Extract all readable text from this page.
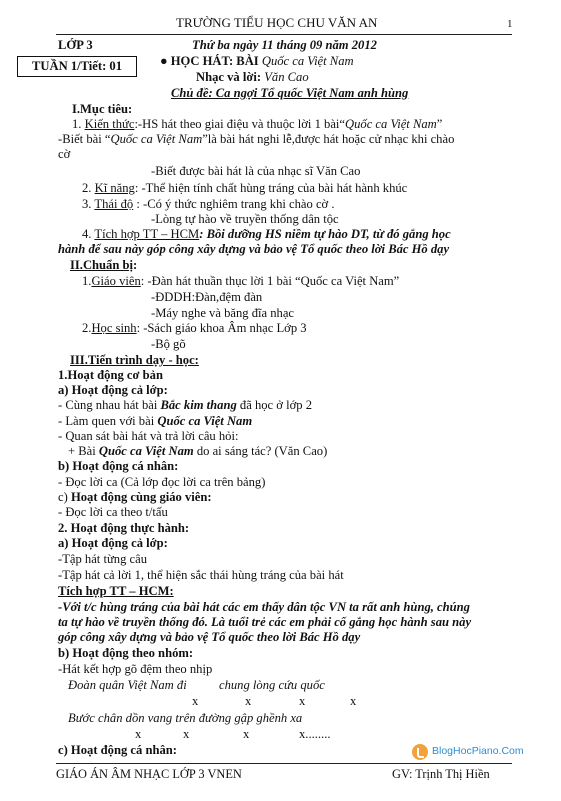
TRƯỜNG TIỂU HỌC CHU VĂN AN	1
LỚP 3	Thứ ba ngày 11 tháng 09 năm 2012
TUẦN 1/Tiết: 01	● HỌC HÁT: BÀI Quốc ca Việt Nam
Nhạc và lời: Văn Cao
Chủ đề: Ca ngợi Tổ quốc Việt Nam anh hùng
I.Mục tiêu:
1. Kiến thức:-HS hát theo giai điệu và thuộc lời 1 bài“Quốc ca Việt Nam”
-Biết bài “Quốc ca Việt Nam”là bài hát nghi lễ,được hát hoặc cử nhạc khi chào
cờ
-Biết được bài hát là của nhạc sĩ Văn Cao
2. Kĩ năng: -Thể hiện tính chất hùng tráng của bài hát hành khúc
3. Thái độ : -Có ý thức nghiêm trang khi chào cờ .
-Lòng tự hào về truyền thống dân tộc
4. Tích hợp TT – HCM: Bồi dưỡng HS niềm tự hào DT, từ đó gắng học
hành để sau này góp công xây dựng và bảo vệ Tổ quốc theo lời Bác Hồ dạy
II.Chuẩn bị:
1.Giáo viên: -Đàn hát thuần thục lời 1 bài “Quốc ca Việt Nam”
-ĐDDH:Đàn,đệm đàn
-Máy nghe và băng đĩa nhạc
2.Học sinh: -Sách giáo khoa Âm nhạc Lớp 3
-Bộ gõ
III.Tiến trình dạy - học:
1.Hoạt động cơ bản
a) Hoạt động cả lớp:
- Cùng nhau hát bài Bắc kim thang đã học ở lớp 2
- Làm quen với bài Quốc ca Việt Nam
- Quan sát bài hát và trả lời câu hỏi:
+ Bài Quốc ca Việt Nam do ai sáng tác? (Văn Cao)
b) Hoạt động cá nhân:
- Đọc lời ca (Cả lớp đọc lời ca trên bảng)
c) Hoạt động cùng giáo viên:
- Đọc lời ca theo t/tấu
2. Hoạt động thực hành:
a) Hoạt động cả lớp:
-Tập hát từng câu
-Tập hát cả lời 1, thể hiện sắc thái hùng tráng của bài hát
Tích hợp TT – HCM:
-Với t/c hùng tráng của bài hát các em thấy dân tộc VN ta rất anh hùng, chúng
ta tự hào về truyền thống đó. Là tuổi trẻ các em phải cố gắng học hành sau này
góp công xây dựng và bảo vệ Tổ quốc theo lời Bác Hồ dạy
b) Hoạt động theo nhóm:
-Hát kết hợp gõ đệm theo nhịp
Đoàn quân Việt Nam đi	chung lòng cứu quốc
x	x	x	x
Bước chân dồn vang trên đường gập ghềnh xa
x	x	x	x........
c) Hoạt động cá nhân:	BlogHocPiano.Com
GIÁO ÁN ÂM NHẠC LỚP 3 VNEN	GV: Trịnh Thị Hiền
